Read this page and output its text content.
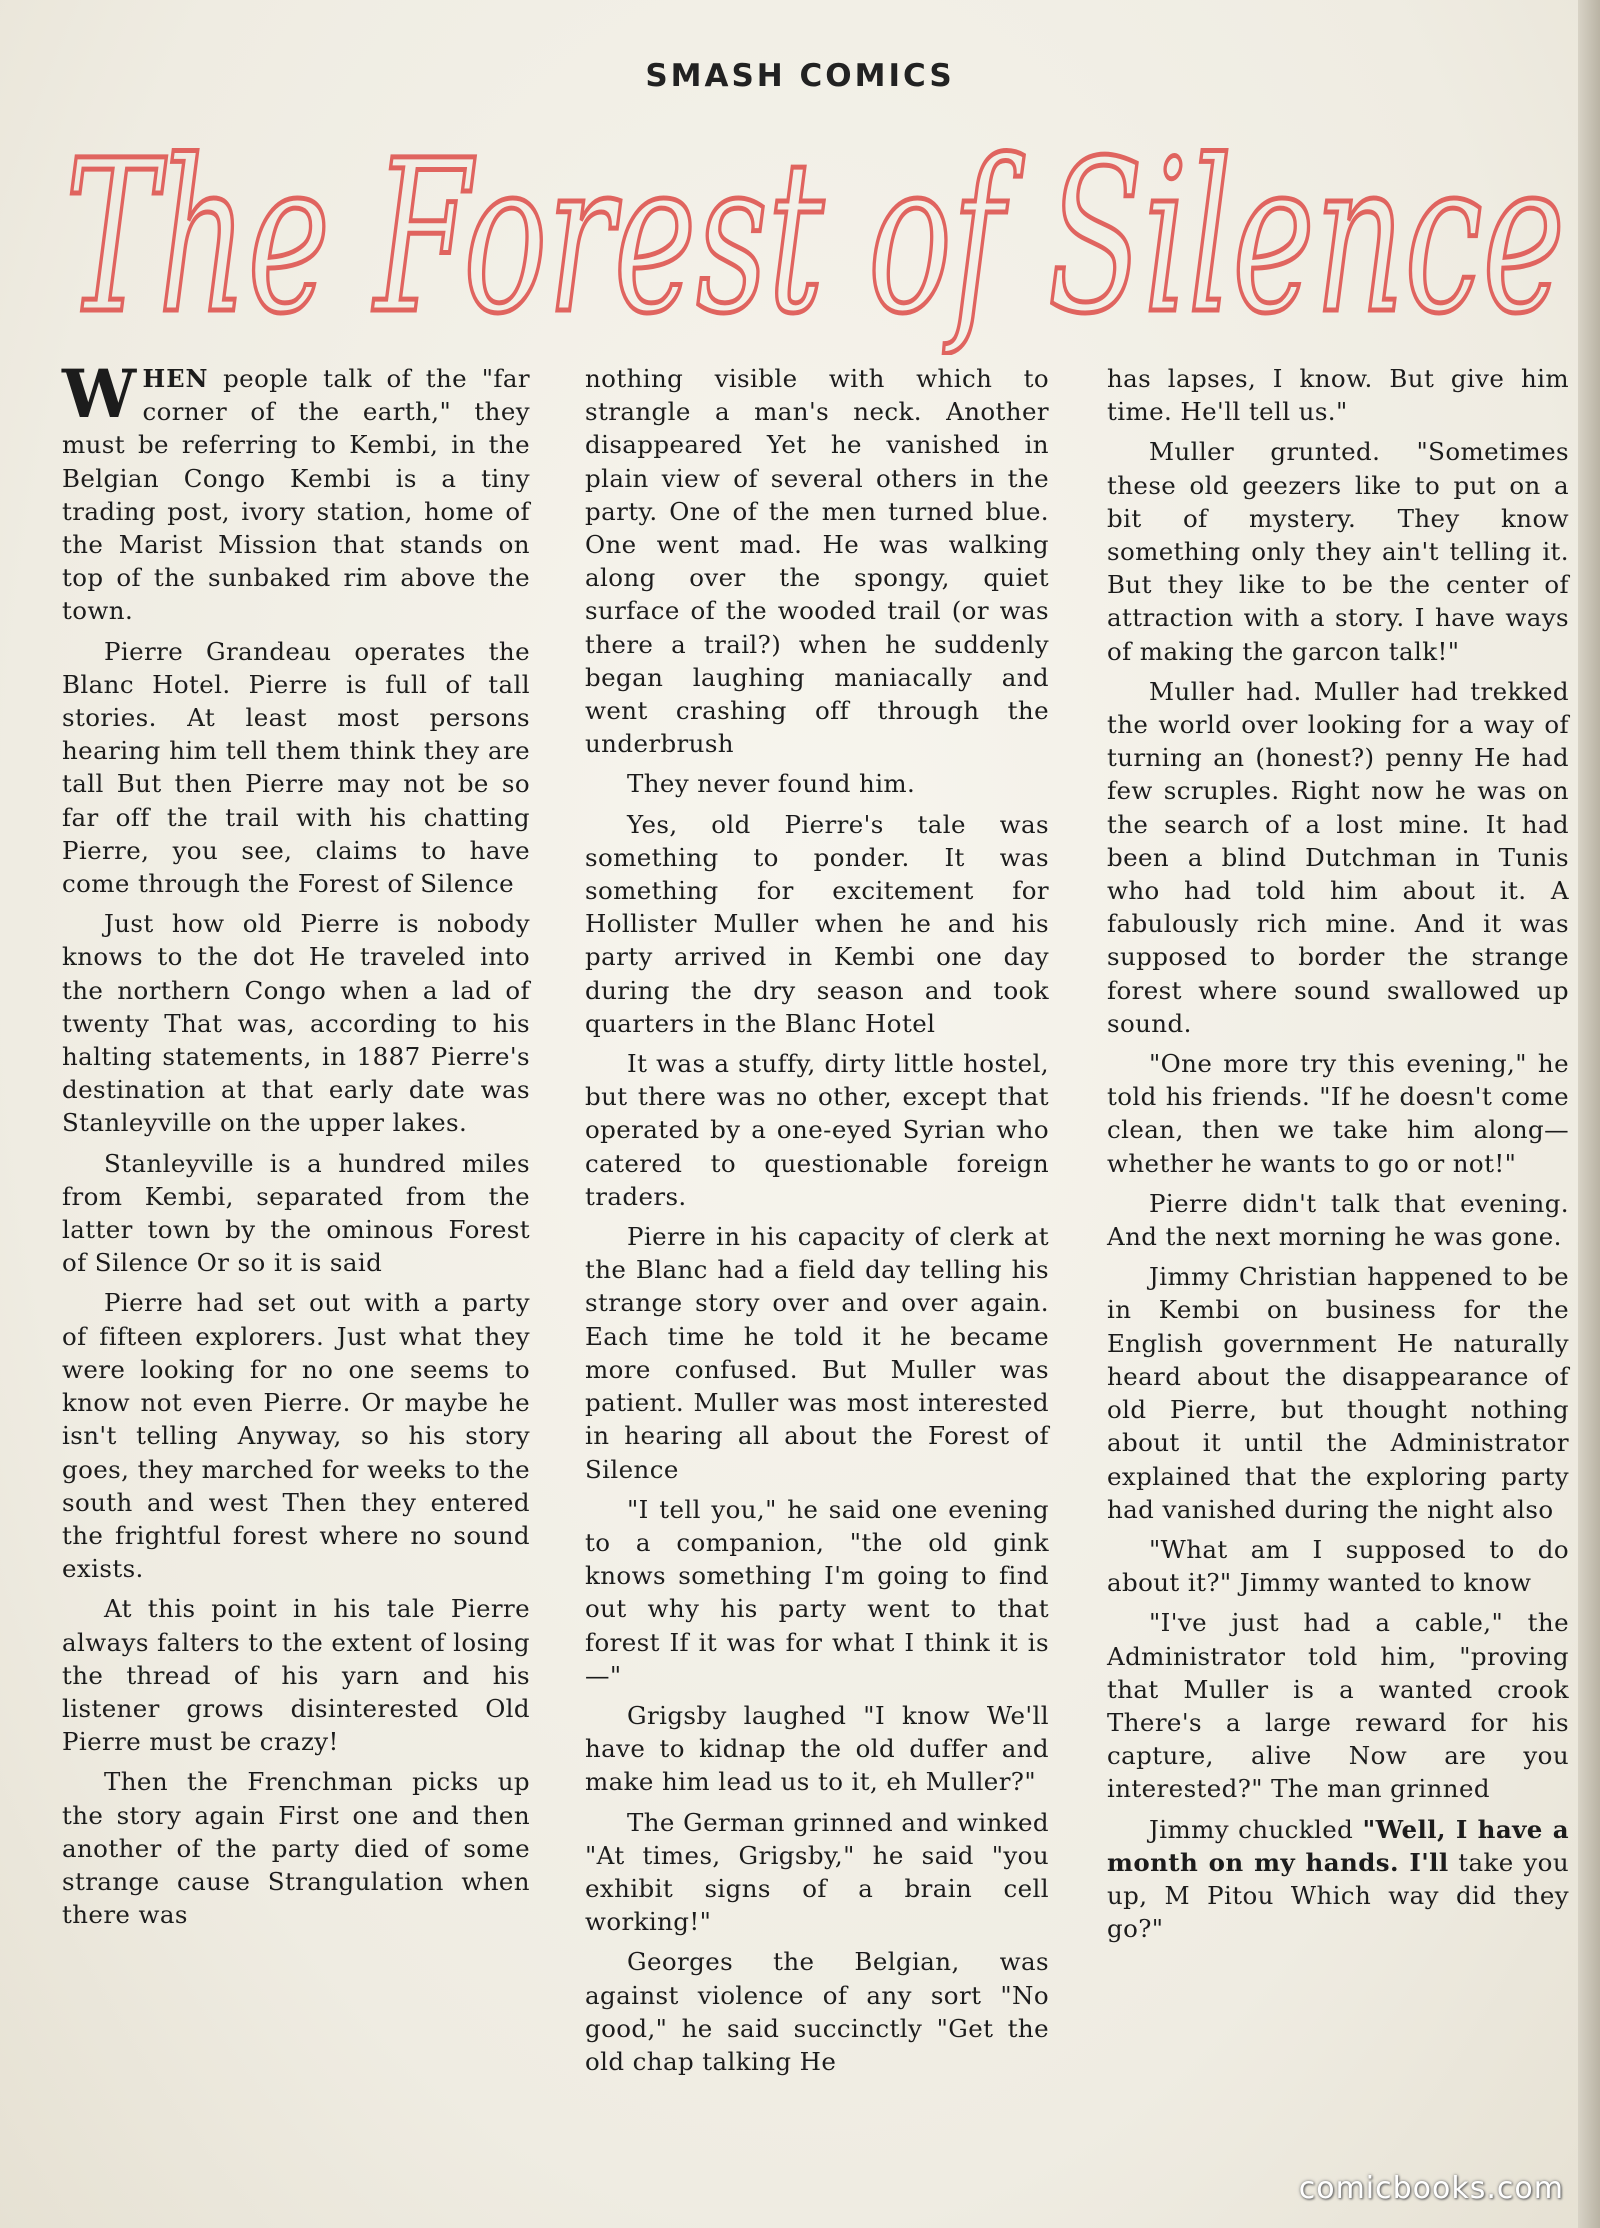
SMASH COMICS
The Forest of Silence

WHEN people talk of the "far corner of the earth," they must be referring to Kembi, in the Belgian Congo Kembi is a tiny trading post, ivory station, home of the Marist Mission that stands on top of the sunbaked rim above the town.

Pierre Grandeau operates the Blanc Hotel. Pierre is full of tall stories. At least most persons hearing him tell them think they are tall But then Pierre may not be so far off the trail with his chatting Pierre, you see, claims to have come through the Forest of Silence

Just how old Pierre is nobody knows to the dot He traveled into the northern Congo when a lad of twenty That was, according to his halting statements, in 1887 Pierre's destination at that early date was Stanleyville on the upper lakes.

Stanleyville is a hundred miles from Kembi, separated from the latter town by the ominous Forest of Silence Or so it is said

Pierre had set out with a party of fifteen explorers. Just what they were looking for no one seems to know not even Pierre. Or maybe he isn't telling Anyway, so his story goes, they marched for weeks to the south and west Then they entered the frightful forest where no sound exists.

At this point in his tale Pierre always falters to the extent of losing the thread of his yarn and his listener grows disinterested Old Pierre must be crazy!

Then the Frenchman picks up the story again First one and then another of the party died of some strange cause Strangulation when there was

nothing visible with which to strangle a man's neck. Another disappeared Yet he vanished in plain view of several others in the party. One of the men turned blue. One went mad. He was walking along over the spongy, quiet surface of the wooded trail (or was there a trail?) when he suddenly began laughing maniacally and went crashing off through the underbrush

They never found him.

Yes, old Pierre's tale was something to ponder. It was something for excitement for Hollister Muller when he and his party arrived in Kembi one day during the dry season and took quarters in the Blanc Hotel

It was a stuffy, dirty little hostel, but there was no other, except that operated by a one-eyed Syrian who catered to questionable foreign traders.

Pierre in his capacity of clerk at the Blanc had a field day telling his strange story over and over again. Each time he told it he became more confused. But Muller was patient. Muller was most interested in hearing all about the Forest of Silence

"I tell you," he said one evening to a companion, "the old gink knows something I'm going to find out why his party went to that forest If it was for what I think it is—"

Grigsby laughed "I know We'll have to kidnap the old duffer and make him lead us to it, eh Muller?"

The German grinned and winked "At times, Grigsby," he said "you exhibit signs of a brain cell working!"

Georges the Belgian, was against violence of any sort "No good," he said succinctly "Get the old chap talking He

has lapses, I know. But give him time. He'll tell us."

Muller grunted. "Sometimes these old geezers like to put on a bit of mystery. They know something only they ain't telling it. But they like to be the center of attraction with a story. I have ways of making the garcon talk!"

Muller had. Muller had trekked the world over looking for a way of turning an (honest?) penny He had few scruples. Right now he was on the search of a lost mine. It had been a blind Dutchman in Tunis who had told him about it. A fabulously rich mine. And it was supposed to border the strange forest where sound swallowed up sound.

"One more try this evening," he told his friends. "If he doesn't come clean, then we take him along—whether he wants to go or not!"

Pierre didn't talk that evening. And the next morning he was gone.

Jimmy Christian happened to be in Kembi on business for the English government He naturally heard about the disappearance of old Pierre, but thought nothing about it until the Administrator explained that the exploring party had vanished during the night also

"What am I supposed to do about it?" Jimmy wanted to know

"I've just had a cable," the Administrator told him, "proving that Muller is a wanted crook There's a large reward for his capture, alive Now are you interested?" The man grinned

Jimmy chuckled "Well, I have a month on my hands. I'll take you up, M Pitou Which way did they go?"

comicbooks.com
